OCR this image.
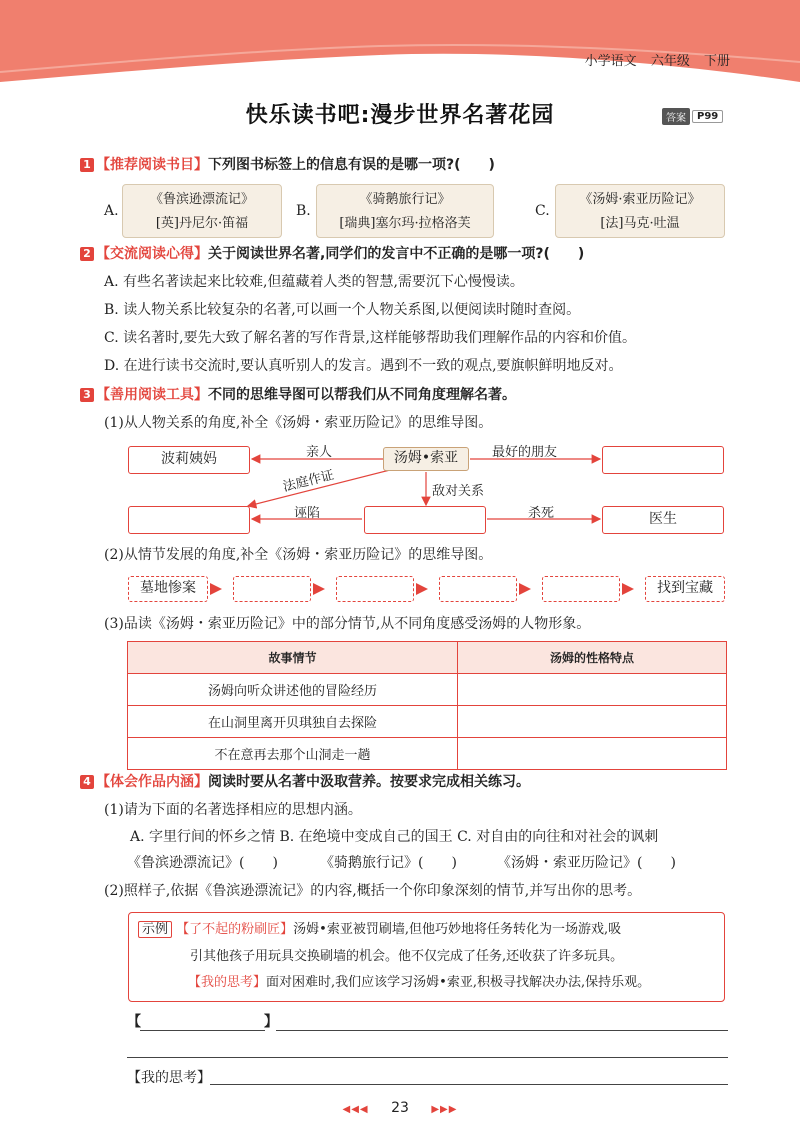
小学语文 六年级 下册
快乐读书吧:漫步世界名著花园	答案	P99
1 【推荐阅读书目】下列图书标签上的信息有误的是哪一项?(　　)
A.
《鲁滨逊漂流记》
[英]丹尼尔·笛福
B.
《骑鹅旅行记》
[瑞典]塞尔玛·拉格洛芙
C.
《汤姆·索亚历险记》
[法]马克·吐温
2 【交流阅读心得】关于阅读世界名著,同学们的发言中不正确的是哪一项?(　　)
A. 有些名著读起来比较难,但蕴藏着人类的智慧,需要沉下心慢慢读。
B. 读人物关系比较复杂的名著,可以画一个人物关系图,以便阅读时随时查阅。
C. 读名著时,要先大致了解名著的写作背景,这样能够帮助我们理解作品的内容和价值。
D. 在进行读书交流时,要认真听别人的发言。遇到不一致的观点,要旗帜鲜明地反对。
3 【善用阅读工具】不同的思维导图可以帮我们从不同角度理解名著。
(1)从人物关系的角度,补全《汤姆・索亚历险记》的思维导图。
波莉姨妈	汤姆•索亚
医生
亲人	最好的朋友
法庭作证	敌对关系
诬陷	杀死
(2)从情节发展的角度,补全《汤姆・索亚历险记》的思维导图。
墓地惨案	找到宝藏
(3)品读《汤姆・索亚历险记》中的部分情节,从不同角度感受汤姆的人物形象。
故事情节	汤姆的性格特点
汤姆向听众讲述他的冒险经历	
在山洞里离开贝琪独自去探险	
不在意再去那个山洞走一趟	
4 【体会作品内涵】阅读时要从名著中汲取营养。按要求完成相关练习。
(1)请为下面的名著选择相应的思想内涵。
A. 字里行间的怀乡之情 B. 在绝境中变成自己的国王 C. 对自由的向往和对社会的讽刺
《鲁滨逊漂流记》(　　)	《骑鹅旅行记》(　　)	《汤姆・索亚历险记》(　　)
(2)照样子,依据《鲁滨逊漂流记》的内容,概括一个你印象深刻的情节,并写出你的思考。
示例 【了不起的粉刷匠】汤姆•索亚被罚刷墙,但他巧妙地将任务转化为一场游戏,吸
引其他孩子用玩具交换刷墙的机会。他不仅完成了任务,还收获了许多玩具。
【我的思考】面对困难时,我们应该学习汤姆•索亚,积极寻找解决办法,保持乐观。
【	】
【我的思考】
◀◀◀ 23 ▶▶▶
